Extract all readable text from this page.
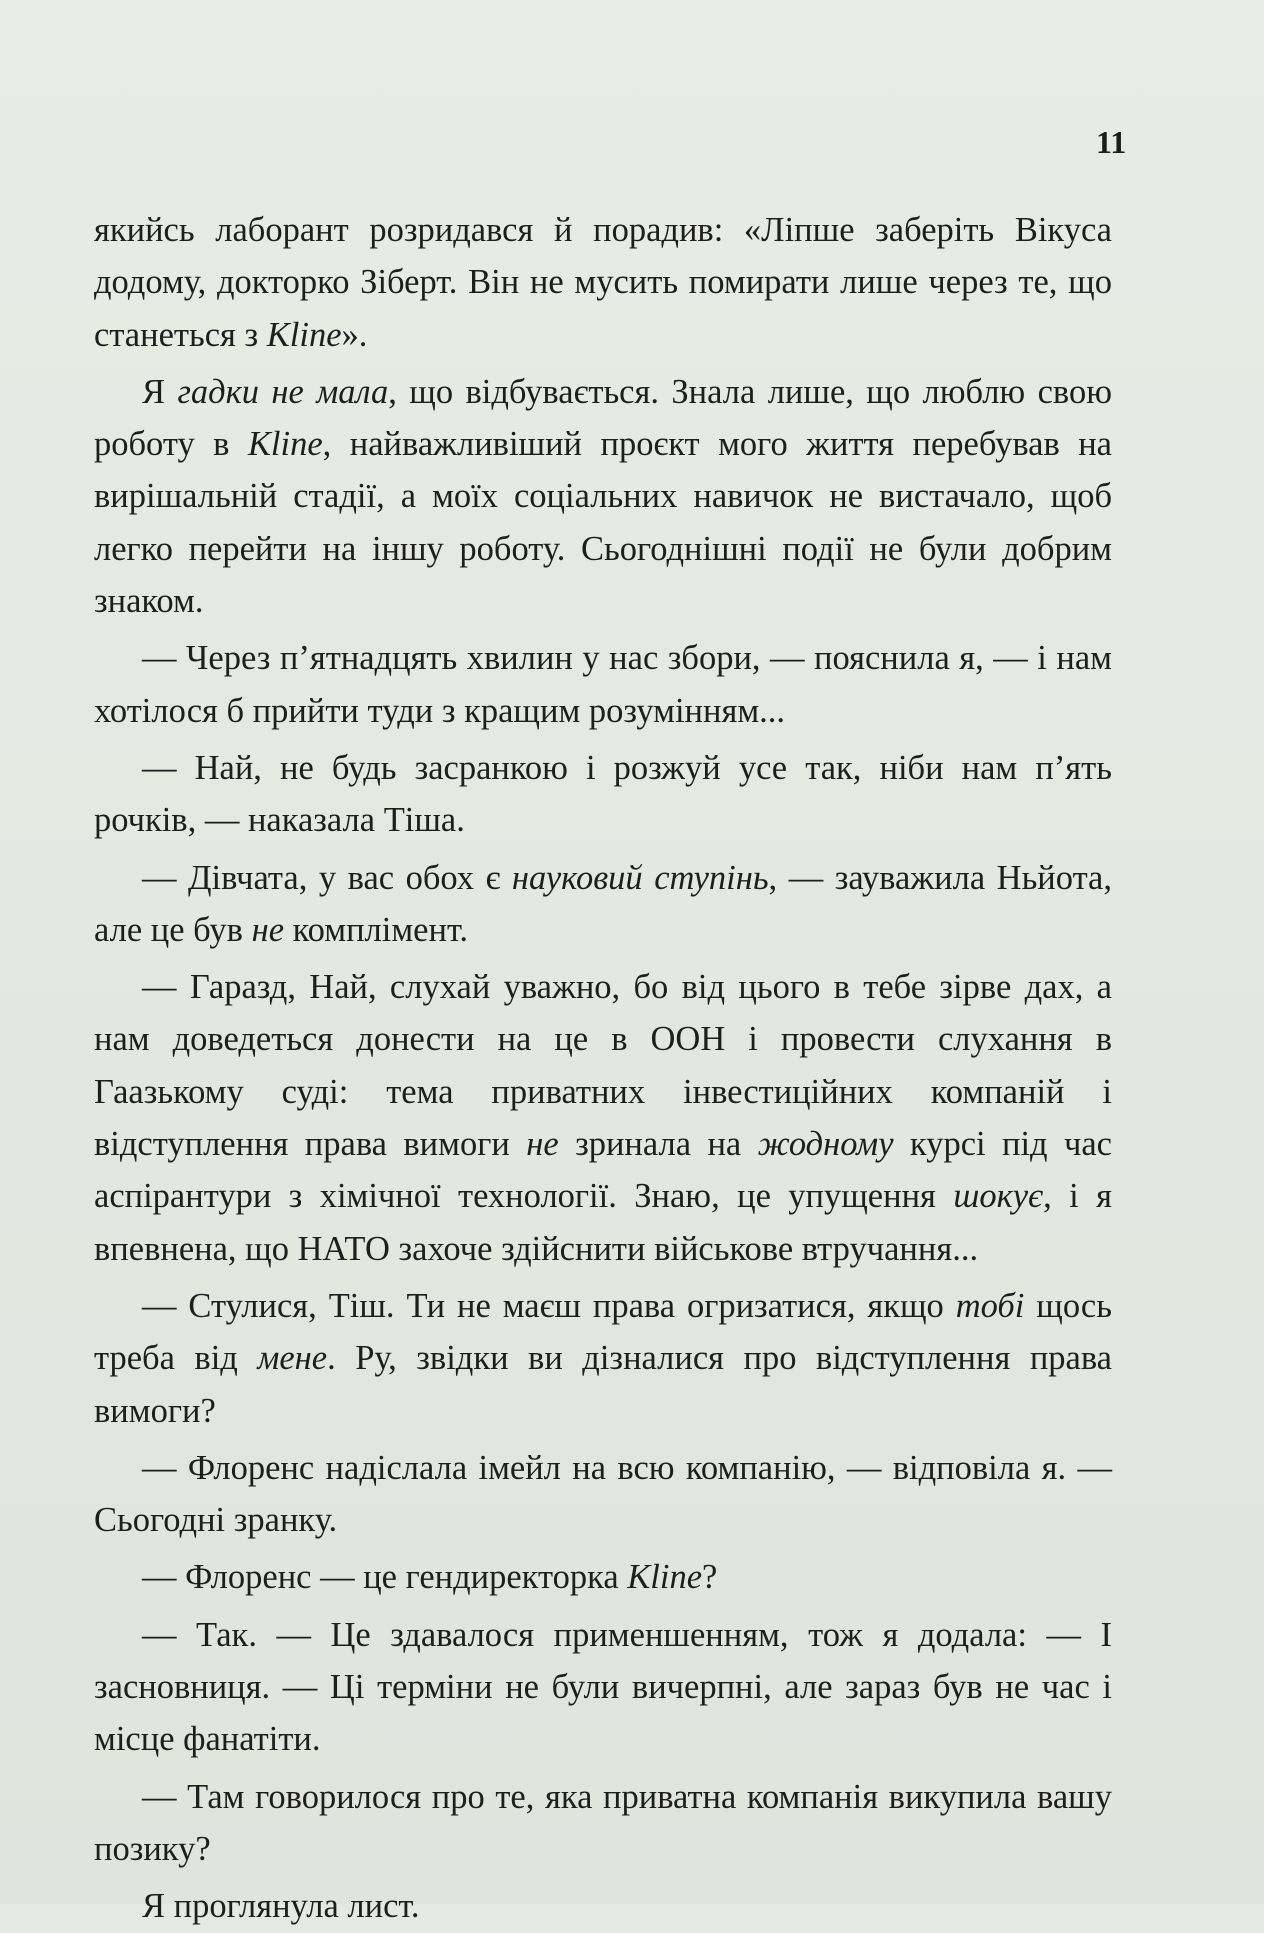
11

якийсь лаборант розридався й порадив: «Ліпше заберіть Вікуса додому, докторко Зіберт. Він не мусить помирати лише через те, що станеться з Kline».

Я гадки не мала, що відбувається. Знала лише, що люблю свою роботу в Kline, найважливіший проєкт мого життя перебував на вирішальній стадії, а моїх соціальних навичок не вистачало, щоб легко перейти на іншу роботу. Сьогоднішні події не були добрим знаком.

— Через п’ятнадцять хвилин у нас збори, — пояснила я, — і нам хотілося б прийти туди з кращим розумінням...

— Най, не будь засранкою і розжуй усе так, ніби нам п’ять рочків, — наказала Тіша.

— Дівчата, у вас обох є науковий ступінь, — зауважила Ньйота, але це був не комплімент.

— Гаразд, Най, слухай уважно, бо від цього в тебе зірве дах, а нам доведеться донести на це в ООН і провести слухання в Гаазькому суді: тема приватних інвестиційних компаній і відступлення права вимоги не зринала на жодному курсі під час аспірантури з хімічної технології. Знаю, це упущення шокує, і я впевнена, що НАТО захоче здійснити військове втручання...

— Стулися, Тіш. Ти не маєш права огризатися, якщо тобі щось треба від мене. Ру, звідки ви дізналися про відступлення права вимоги?

— Флоренс надіслала імейл на всю компанію, — відповіла я. — Сьогодні зранку.

— Флоренс — це гендиректорка Kline?

— Так. — Це здавалося применшенням, тож я додала: — І засновниця. — Ці терміни не були вичерпні, але зараз був не час і місце фанатіти.

— Там говорилося про те, яка приватна компанія викупила вашу позику?

Я проглянула лист.
